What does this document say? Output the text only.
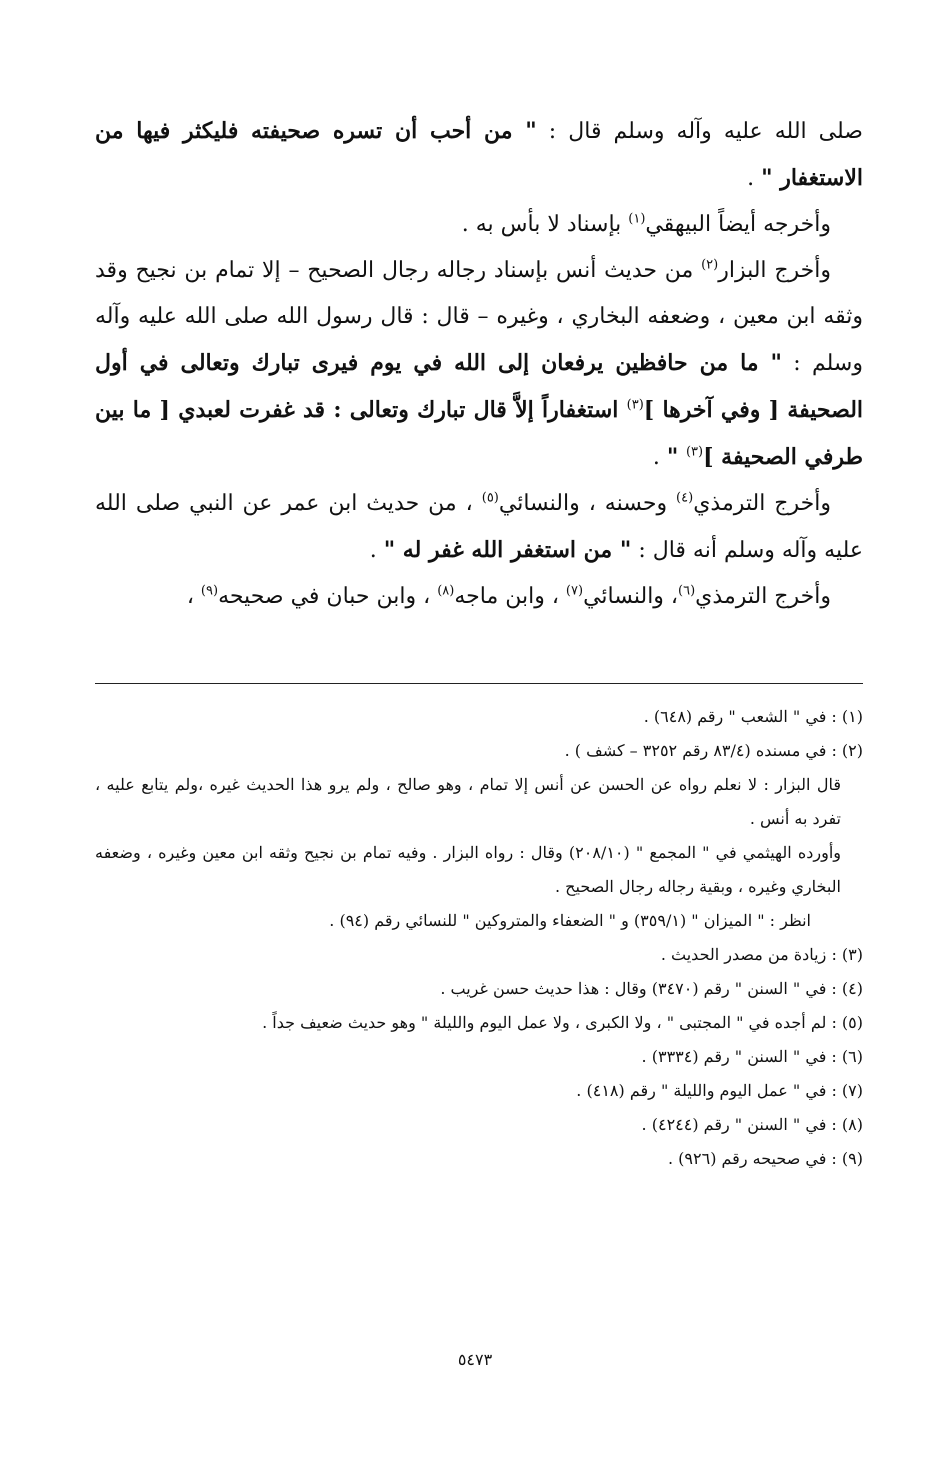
صلى الله عليه وآله وسلم قال : " من أحب أن تسره صحيفته فليكثر فيها من الاستغفار " .

وأخرجه أيضاً البيهقي$^{(١)}$ بإسناد لا بأس به .

وأخرج البزار$^{(٢)}$ من حديث أنس بإسناد رجاله رجال الصحيح – إلا تمام بن نجيح وقد وثقه ابن معين ، وضعفه البخاري ، وغيره – قال : قال رسول الله صلى الله عليه وآله وسلم : " ما من حافظين يرفعان إلى الله في يوم فيرى تبارك وتعالى في أول الصحيفة [ وفي آخرها ]$^{(٣)}$ استغفاراً إلاَّ قال تبارك وتعالى : قد غفرت لعبدي [ ما بين طرفي الصحيفة ]$^{(٣)}$ " .

وأخرج الترمذي$^{(٤)}$ وحسنه ، والنسائي$^{(٥)}$ ، من حديث ابن عمر عن النبي صلى الله عليه وآله وسلم أنه قال : " من استغفر الله غفر له " .

وأخرج الترمذي$^{(٦)}$، والنسائي$^{(٧)}$ ، وابن ماجه$^{(٨)}$ ، وابن حبان في صحيحه$^{(٩)}$ ،

(١) : في " الشعب " رقم (٦٤٨) .

(٢) : في مسنده (٨٣/٤ رقم ٣٢٥٢ – كشف ) .

قال البزار : لا نعلم رواه عن الحسن عن أنس إلا تمام ، وهو صالح ، ولم يرو هذا الحديث غيره ،ولم يتابع عليه ، تفرد به أنس .

وأورده الهيثمي في " المجمع " (٢٠٨/١٠) وقال : رواه البزار . وفيه تمام بن نجيح وثقه ابن معين وغيره ، وضعفه البخاري وغيره ، وبقية رجاله رجال الصحيح .

انظر : " الميزان " (٣٥٩/١) و " الضعفاء والمتروكين " للنسائي رقم (٩٤) .

(٣) : زيادة من مصدر الحديث .

(٤) : في " السنن " رقم (٣٤٧٠) وقال : هذا حديث حسن غريب .

(٥) : لم أجده في " المجتبى " ، ولا الكبرى ، ولا عمل اليوم والليلة " وهو حديث ضعيف جداً .

(٦) : في " السنن " رقم (٣٣٣٤) .

(٧) : في " عمل اليوم والليلة " رقم (٤١٨) .

(٨) : في " السنن " رقم (٤٢٤٤) .

(٩) : في صحيحه رقم (٩٢٦) .

٥٤٧٣
